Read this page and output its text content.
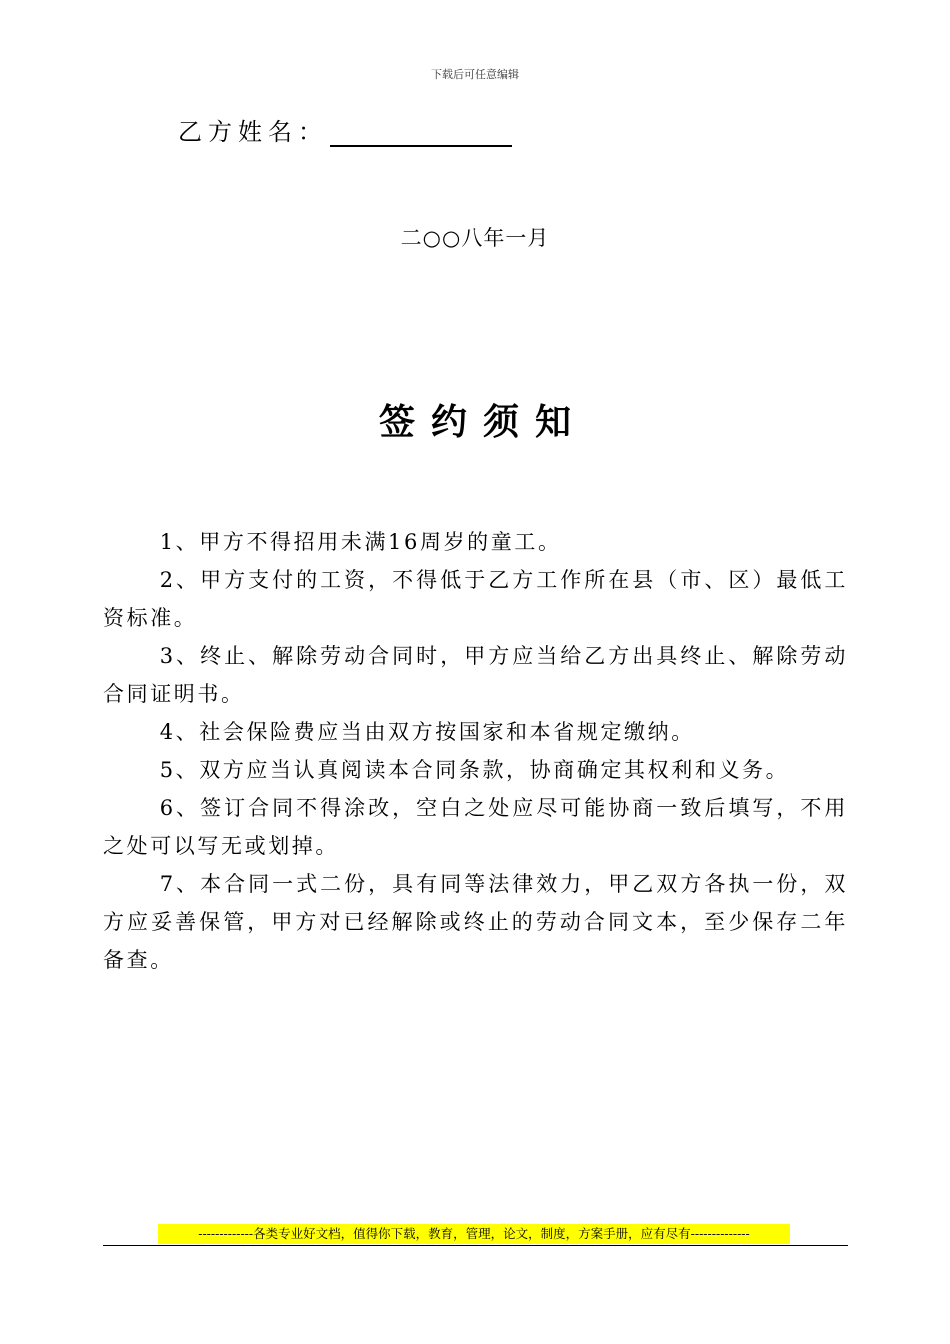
下载后可任意编辑
乙方姓名：
二○○八年一月
签约须知

1、甲方不得招用未满16周岁的童工。

2、甲方支付的工资，不得低于乙方工作所在县（市、区）最低工资标准。

3、终止、解除劳动合同时，甲方应当给乙方出具终止、解除劳动合同证明书。

4、社会保险费应当由双方按国家和本省规定缴纳。

5、双方应当认真阅读本合同条款，协商确定其权利和义务。

6、签订合同不得涂改，空白之处应尽可能协商一致后填写，不用之处可以写无或划掉。

7、本合同一式二份，具有同等法律效力，甲乙双方各执一份，双方应妥善保管，甲方对已经解除或终止的劳动合同文本，至少保存二年备查。

-------------各类专业好文档，值得你下载，教育，管理，论文，制度，方案手册，应有尽有--------------
